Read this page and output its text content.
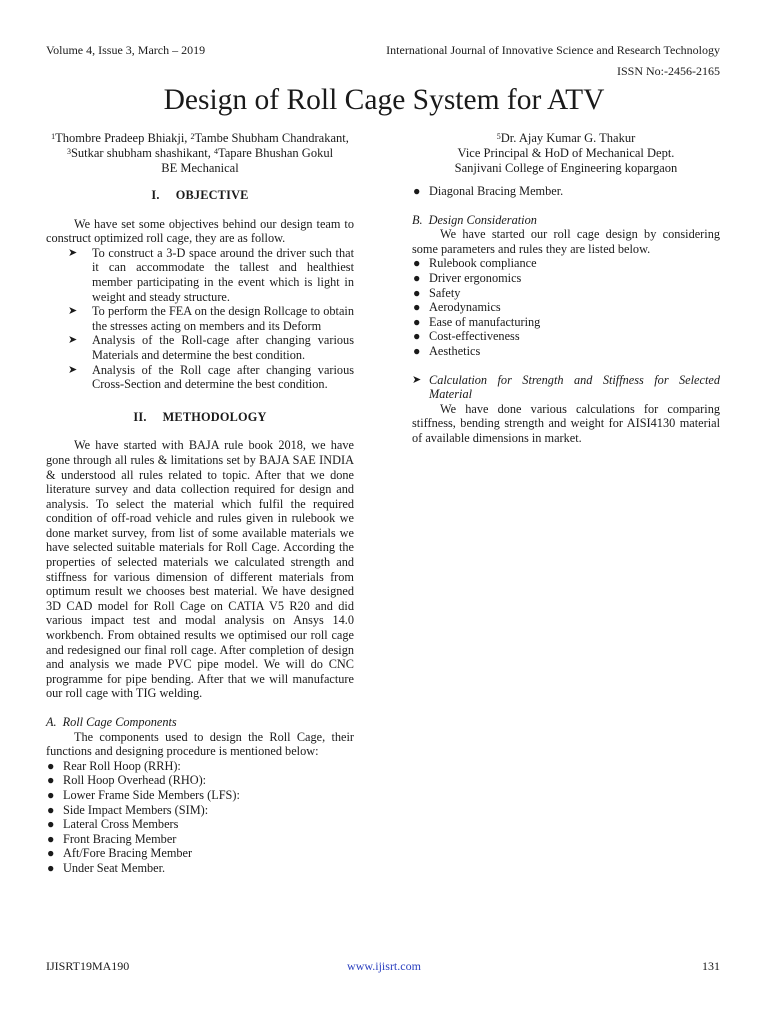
Volume 4, Issue 3, March – 2019	International Journal of Innovative Science and Research Technology
ISSN No:-2456-2165
Design of Roll Cage System for ATV
$^1$Thombre Pradeep Bhiakji, $^2$Tambe Shubham Chandrakant,
$^3$Sutkar shubham shashikant, $^4$Tapare Bhushan Gokul
BE Mechanical
$^5$Dr. Ajay Kumar G. Thakur
Vice Principal & HoD of Mechanical Dept.
Sanjivani College of Engineering kopargaon
I. OBJECTIVE

We have set some objectives behind our design team to construct optimized roll cage, they are as follow.

➤ To construct a 3-D space around the driver such that it can accommodate the tallest and healthiest member participating in the event which is light in weight and steady structure.
➤ To perform the FEA on the design Rollcage to obtain the stresses acting on members and its Deform
➤ Analysis of the Roll-cage after changing various Materials and determine the best condition.
➤ Analysis of the Roll cage after changing various Cross-Section and determine the best condition.
II. METHODOLOGY

We have started with BAJA rule book 2018, we have gone through all rules & limitations set by BAJA SAE INDIA & understood all rules related to topic. After that we done literature survey and data collection required for design and analysis. To select the material which fulfil the required condition of off-road vehicle and rules given in rulebook we done market survey, from list of some available materials we have selected suitable materials for Roll Cage. According the properties of selected materials we calculated strength and stiffness for various dimension of different materials from optimum result we chooses best material. We have designed 3D CAD model for Roll Cage on CATIA V5 R20 and did various impact test and modal analysis on Ansys 14.0 workbench. From obtained results we optimised our roll cage and redesigned our final roll cage. After completion of design and analysis we made PVC pipe model. We will do CNC programme for pipe bending. After that we will manufacture our roll cage with TIG welding.

A. Roll Cage Components

The components used to design the Roll Cage, their functions and designing procedure is mentioned below:

● Rear Roll Hoop (RRH):
● Roll Hoop Overhead (RHO):
● Lower Frame Side Members (LFS):
● Side Impact Members (SIM):
● Lateral Cross Members
● Front Bracing Member
● Aft/Fore Bracing Member
● Under Seat Member.
● Diagonal Bracing Member.
B. Design Consideration

We have started our roll cage design by considering some parameters and rules they are listed below.

● Rulebook compliance
● Driver ergonomics
● Safety
● Aerodynamics
● Ease of manufacturing
● Cost-effectiveness
● Aesthetics
➤ Calculation for Strength and Stiffness for Selected Material

We have done various calculations for comparing stiffness, bending strength and weight for AISI4130 material of available dimensions in market.

IJISRT19MA190	www.ijisrt.com	131
